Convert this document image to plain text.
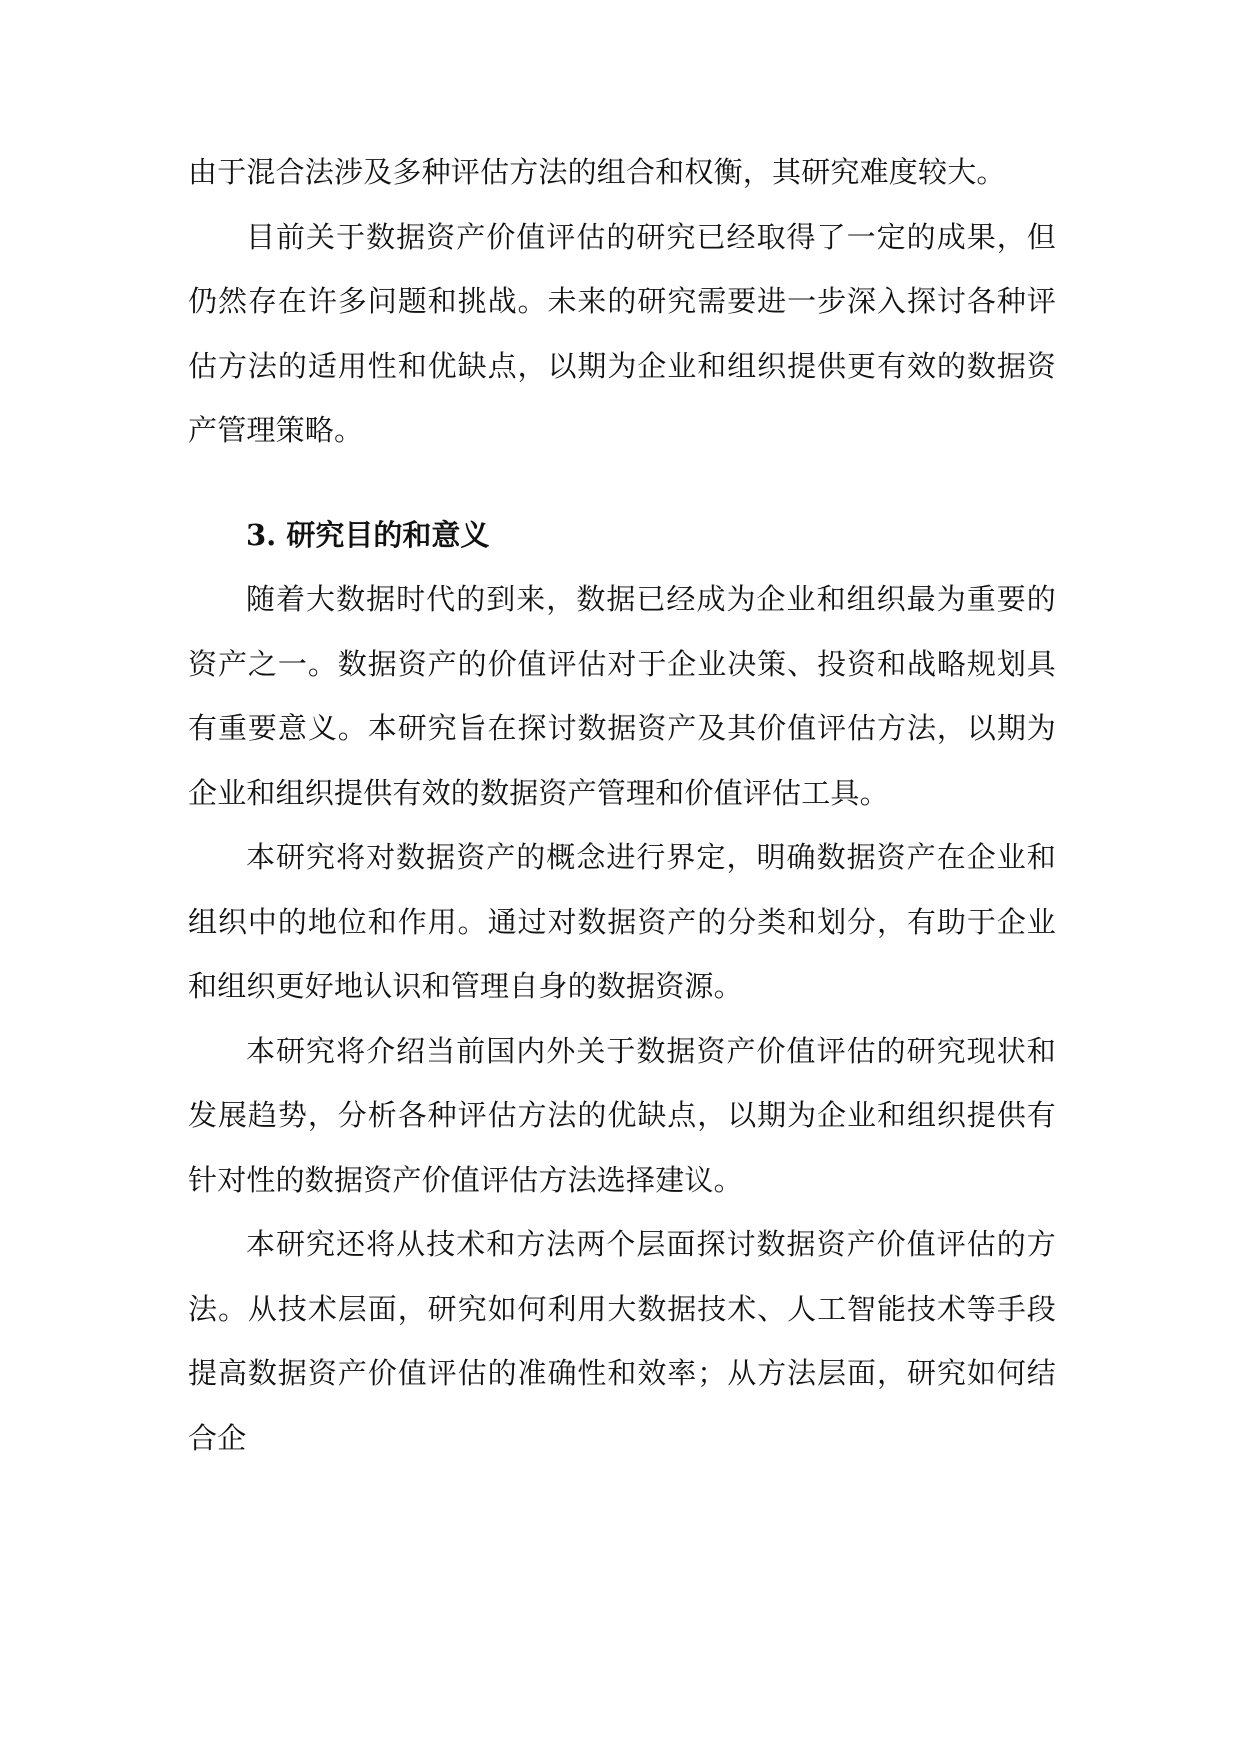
由于混合法涉及多种评估方法的组合和权衡，其研究难度较大。

目前关于数据资产价值评估的研究已经取得了一定的成果，但仍然存在许多问题和挑战。未来的研究需要进一步深入探讨各种评估方法的适用性和优缺点，以期为企业和组织提供更有效的数据资产管理策略。

3. 研究目的和意义

随着大数据时代的到来，数据已经成为企业和组织最为重要的资产之一。数据资产的价值评估对于企业决策、投资和战略规划具有重要意义。本研究旨在探讨数据资产及其价值评估方法，以期为企业和组织提供有效的数据资产管理和价值评估工具。

本研究将对数据资产的概念进行界定，明确数据资产在企业和组织中的地位和作用。通过对数据资产的分类和划分，有助于企业和组织更好地认识和管理自身的数据资源。

本研究将介绍当前国内外关于数据资产价值评估的研究现状和发展趋势，分析各种评估方法的优缺点，以期为企业和组织提供有针对性的数据资产价值评估方法选择建议。

本研究还将从技术和方法两个层面探讨数据资产价值评估的方法。从技术层面，研究如何利用大数据技术、人工智能技术等手段提高数据资产价值评估的准确性和效率；从方法层面，研究如何结合企
